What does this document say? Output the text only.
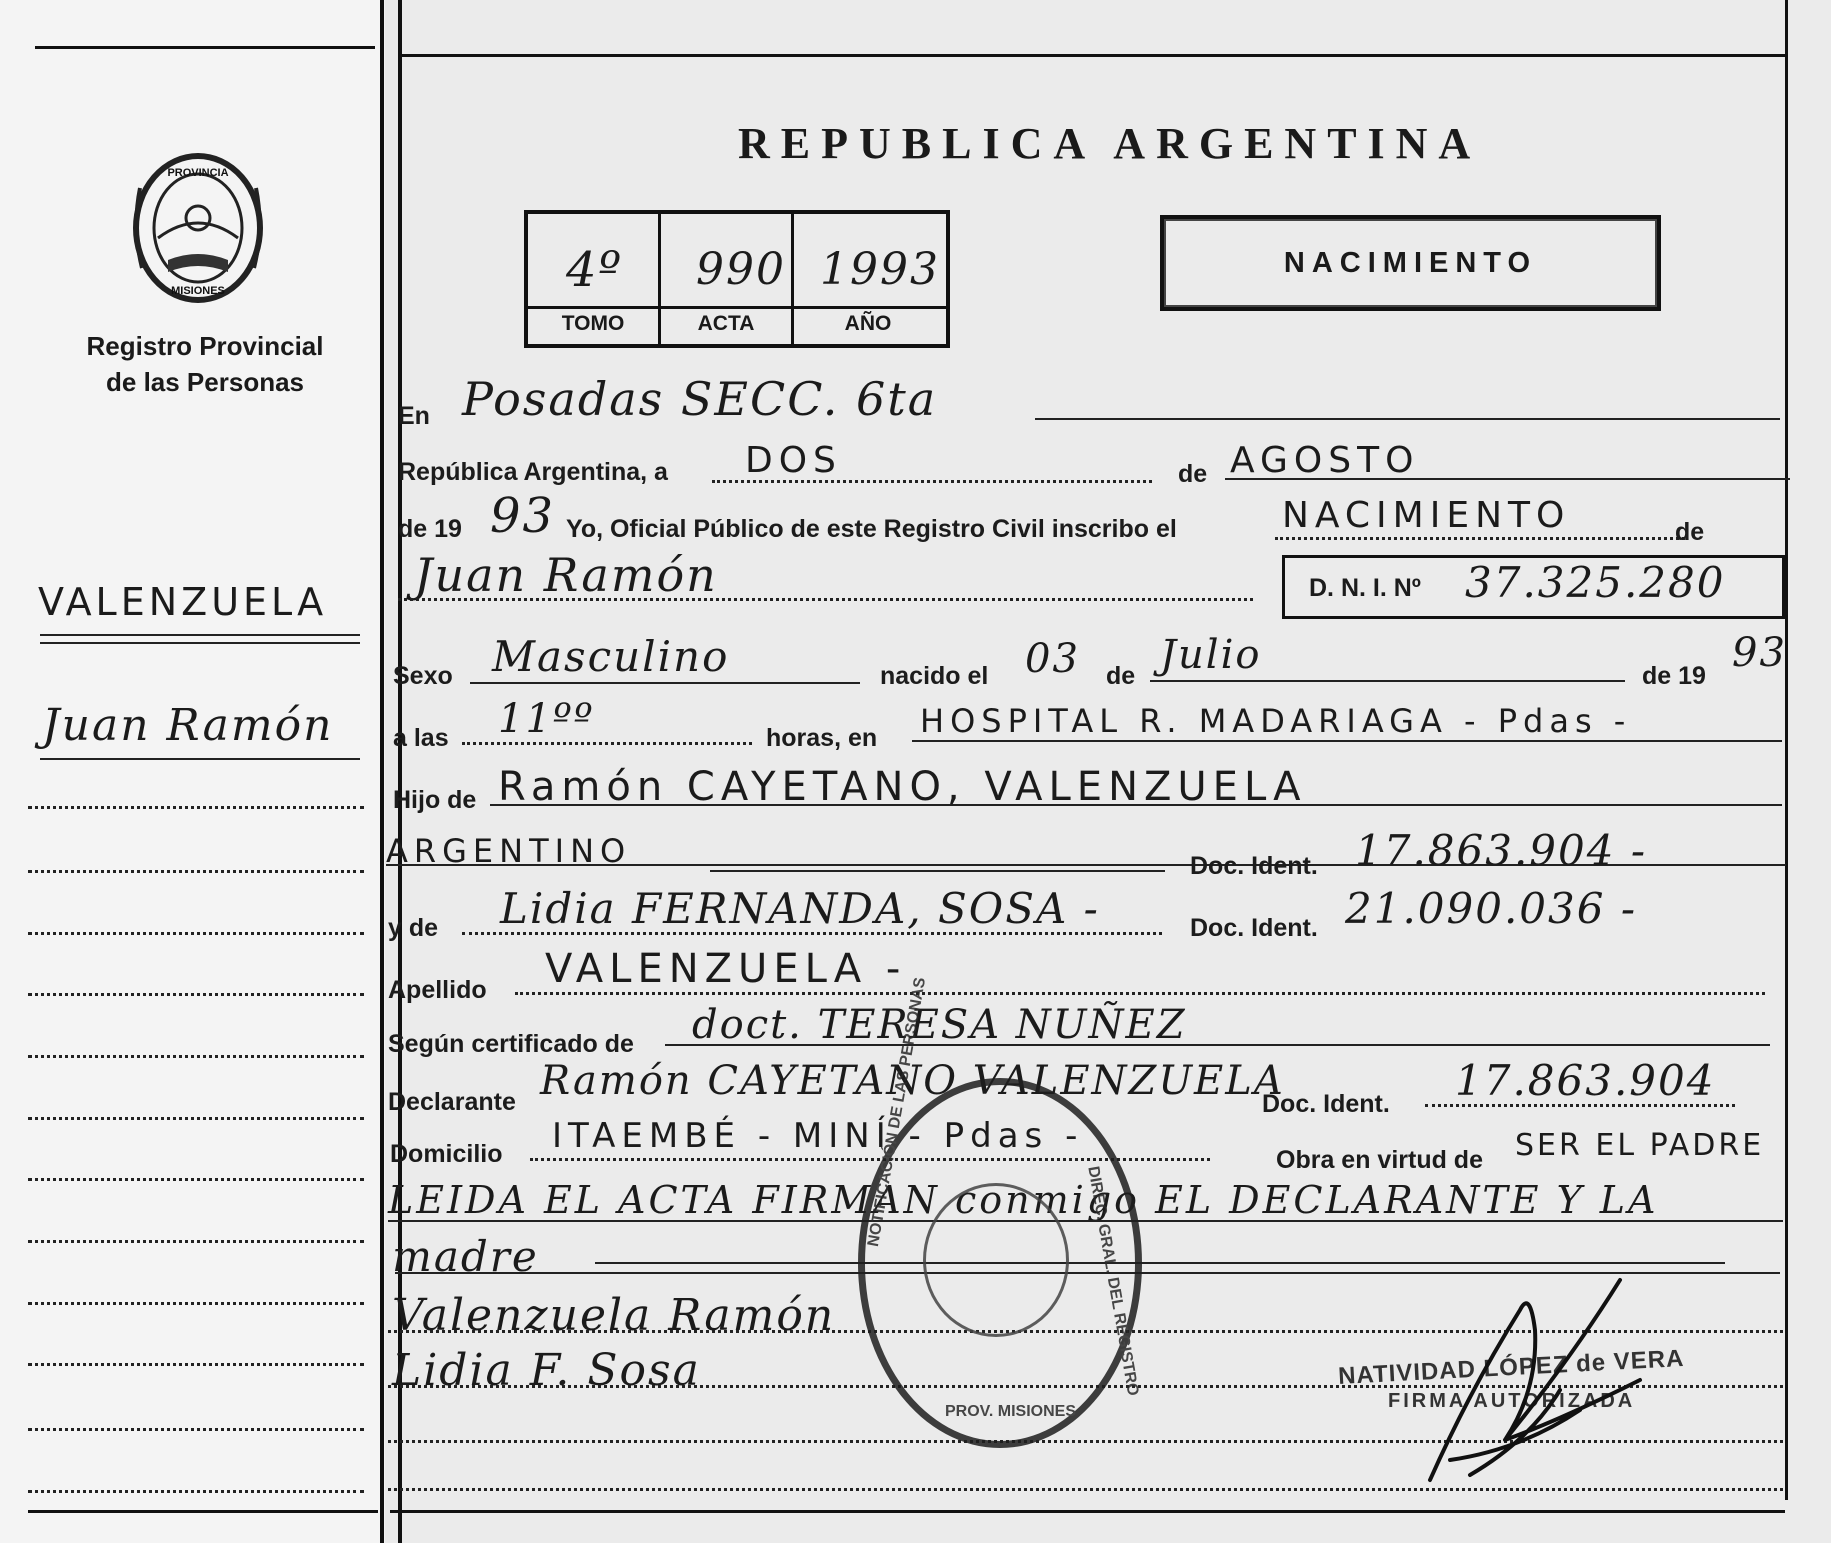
PROVINCIA
MISIONES
Registro Provincial
de las Personas
VALENZUELA
Juan Ramón
REPUBLICA ARGENTINA
4º 990 1993
TOMO	ACTA	AÑO
NACIMIENTO
En Posadas SECC. 6ta
República Argentina, a DOS	de AGOSTO
de 19 93 Yo, Oficial Público de este Registro Civil inscribo el	NACIMIENTO	de
Juan Ramón	D. N. I. Nº 37.325.280
Sexo Masculino	nacido el 03 de Julio	de 19 93
a las 11ºº	horas, en HOSPITAL R. MADARIAGA - Pdas -
Hijo de Ramón CAYETANO, VALENZUELA
ARGENTINO	Doc. Ident. 17.863.904 -
y de Lidia FERNANDA, SOSA -	Doc. Ident. 21.090.036 -
Apellido VALENZUELA -
Según certificado de doct. TERESA NUÑEZ
Declarante Ramón CAYETANO VALENZUELA
Doc. Ident. 17.863.904
Domicilio ITAEMBÉ - MINÍ - Pdas -
Obra en virtud de SER EL PADRE
LEIDA EL ACTA FIRMAN conmigo EL DECLARANTE Y LA
madre
Valenzuela Ramón
Lidia F. Sosa
NOTIFICACIÓN DE LAS PERSONAS
DIREC. GRAL. DEL REGISTRO
PROV. MISIONES
NATIVIDAD LÓPEZ de VERA
FIRMA AUTORIZADA
